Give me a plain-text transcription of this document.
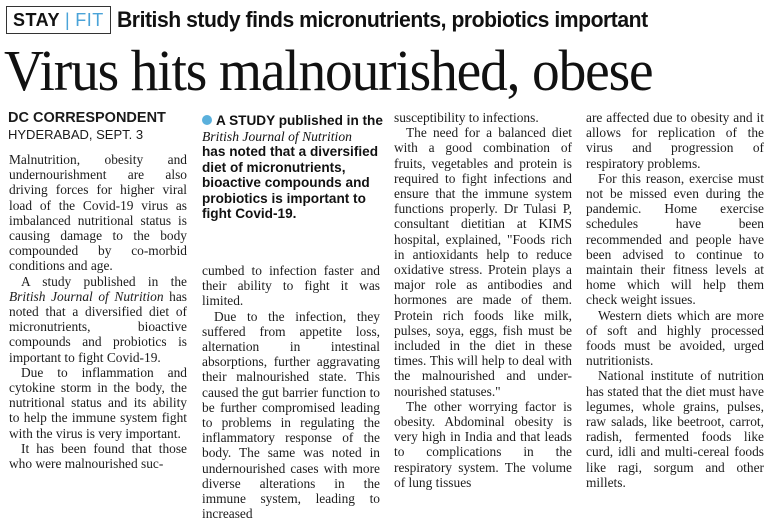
STAY | FIT British study finds micronutrients, probiotics important
Virus hits malnourished, obese
DC CORRESPONDENT
HYDERABAD, SEPT. 3
A STUDY published in the
British Journal of Nutrition
has noted that a diversified diet of micronutrients, bioactive compounds and probiotics is important to fight Covid-19.

Malnutrition, obesity and undernourishment are also driving forces for higher viral load of the Covid-19 virus as imbalanced nutritional status is causing damage to the body compounded by co-morbid conditions and age.

A study published in the British Journal of Nutrition has noted that a diversified diet of micronutrients, bioactive compounds and probiotics is important to fight Covid-19.

Due to inflammation and cytokine storm in the body, the nutritional status and its ability to help the immune system fight with the virus is very important.

It has been found that those who were malnourished suc-

cumbed to infection faster and their ability to fight it was limited.

Due to the infection, they suffered from appetite loss, alternation in intestinal absorptions, further aggravating their malnourished state. This caused the gut barrier function to be further compromised leading to problems in regulating the inflammatory response of the body. The same was noted in undernourished cases with more diverse alterations in the immune system, leading to increased

susceptibility to infections.

The need for a balanced diet with a good combination of fruits, vegetables and protein is required to fight infections and ensure that the immune system functions properly. Dr Tulasi P, consultant dietitian at KIMS hospital, explained, "Foods rich in antioxidants help to reduce oxidative stress. Protein plays a major role as antibodies and hormones are made of them. Protein rich foods like milk, pulses, soya, eggs, fish must be included in the diet in these times. This will help to deal with the malnourished and under-nourished statuses."

The other worrying factor is obesity. Abdominal obesity is very high in India and that leads to complications in the respiratory system. The volume of lung tissues

are affected due to obesity and it allows for replication of the virus and progression of respiratory problems.

For this reason, exercise must not be missed even during the pandemic. Home exercise schedules have been recommended and people have been advised to continue to maintain their fitness levels at home which will help them check weight issues.

Western diets which are more of soft and highly processed foods must be avoided, urged nutritionists.

National institute of nutrition has stated that the diet must have legumes, whole grains, pulses, raw salads, like beetroot, carrot, radish, fermented foods like curd, idli and multi-cereal foods like ragi, sorgum and other millets.
